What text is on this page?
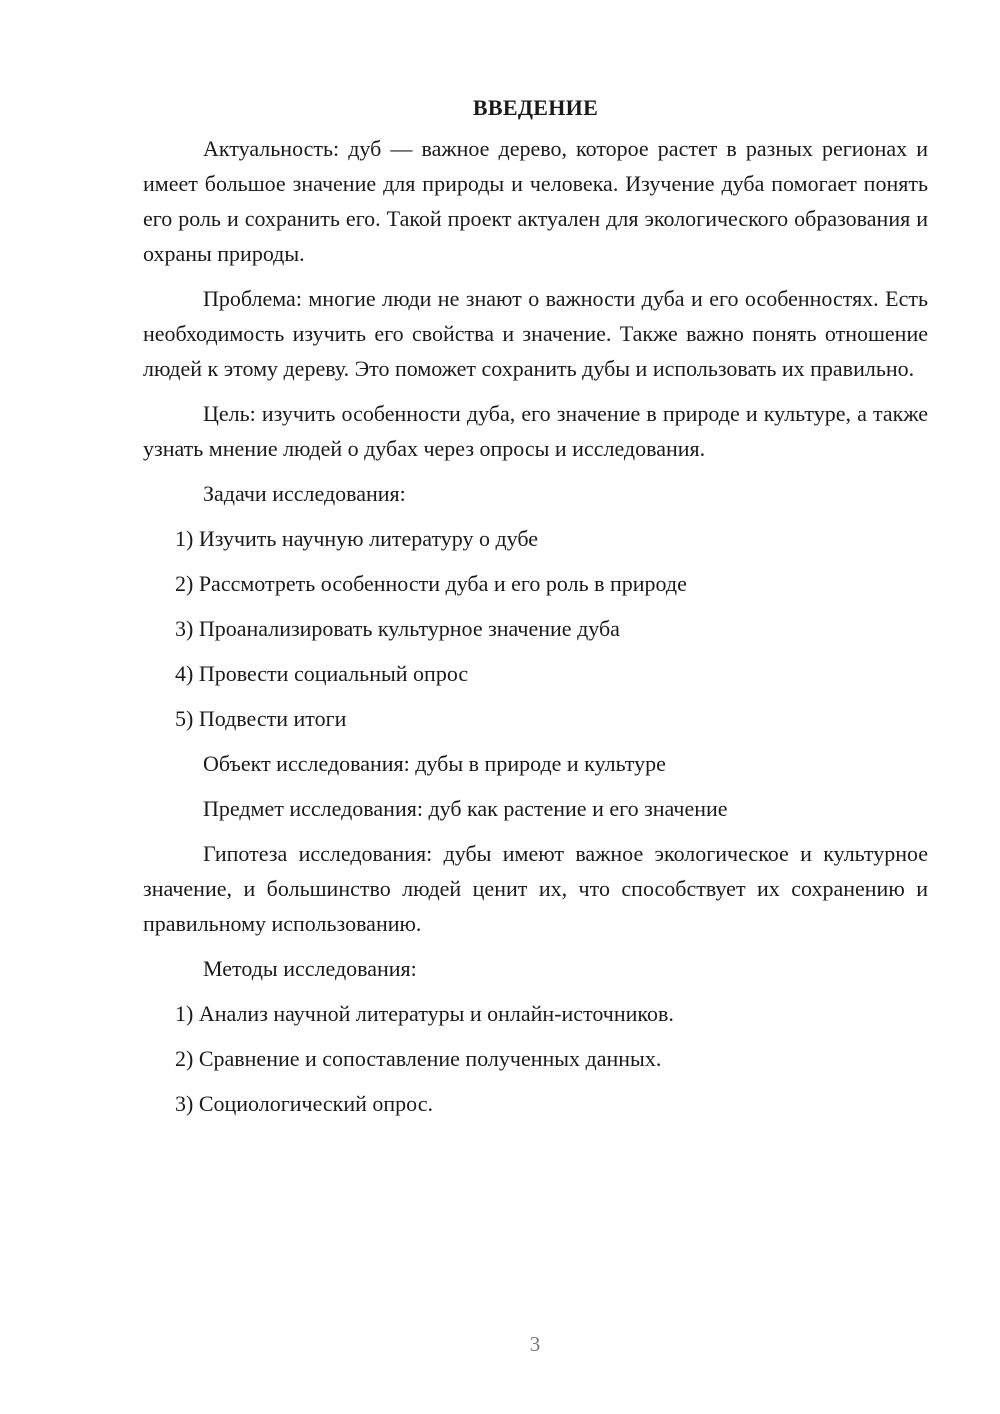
ВВЕДЕНИЕ

Актуальность: дуб — важное дерево, которое растет в разных регионах и имеет большое значение для природы и человека. Изучение дуба помогает понять его роль и сохранить его. Такой проект актуален для экологического образования и охраны природы.

Проблема: многие люди не знают о важности дуба и его особенностях. Есть необходимость изучить его свойства и значение. Также важно понять отношение людей к этому дереву. Это поможет сохранить дубы и использовать их правильно.

Цель: изучить особенности дуба, его значение в природе и культуре, а также узнать мнение людей о дубах через опросы и исследования.

Задачи исследования:
1) Изучить научную литературу о дубе
2) Рассмотреть особенности дуба и его роль в природе
3) Проанализировать культурное значение дуба
4) Провести социальный опрос
5) Подвести итоги
Объект исследования: дубы в природе и культуре
Предмет исследования: дуб как растение и его значение

Гипотеза исследования: дубы имеют важное экологическое и культурное значение, и большинство людей ценит их, что способствует их сохранению и правильному использованию.

Методы исследования:
1) Анализ научной литературы и онлайн-источников.
2) Сравнение и сопоставление полученных данных.
3) Социологический опрос.
3
